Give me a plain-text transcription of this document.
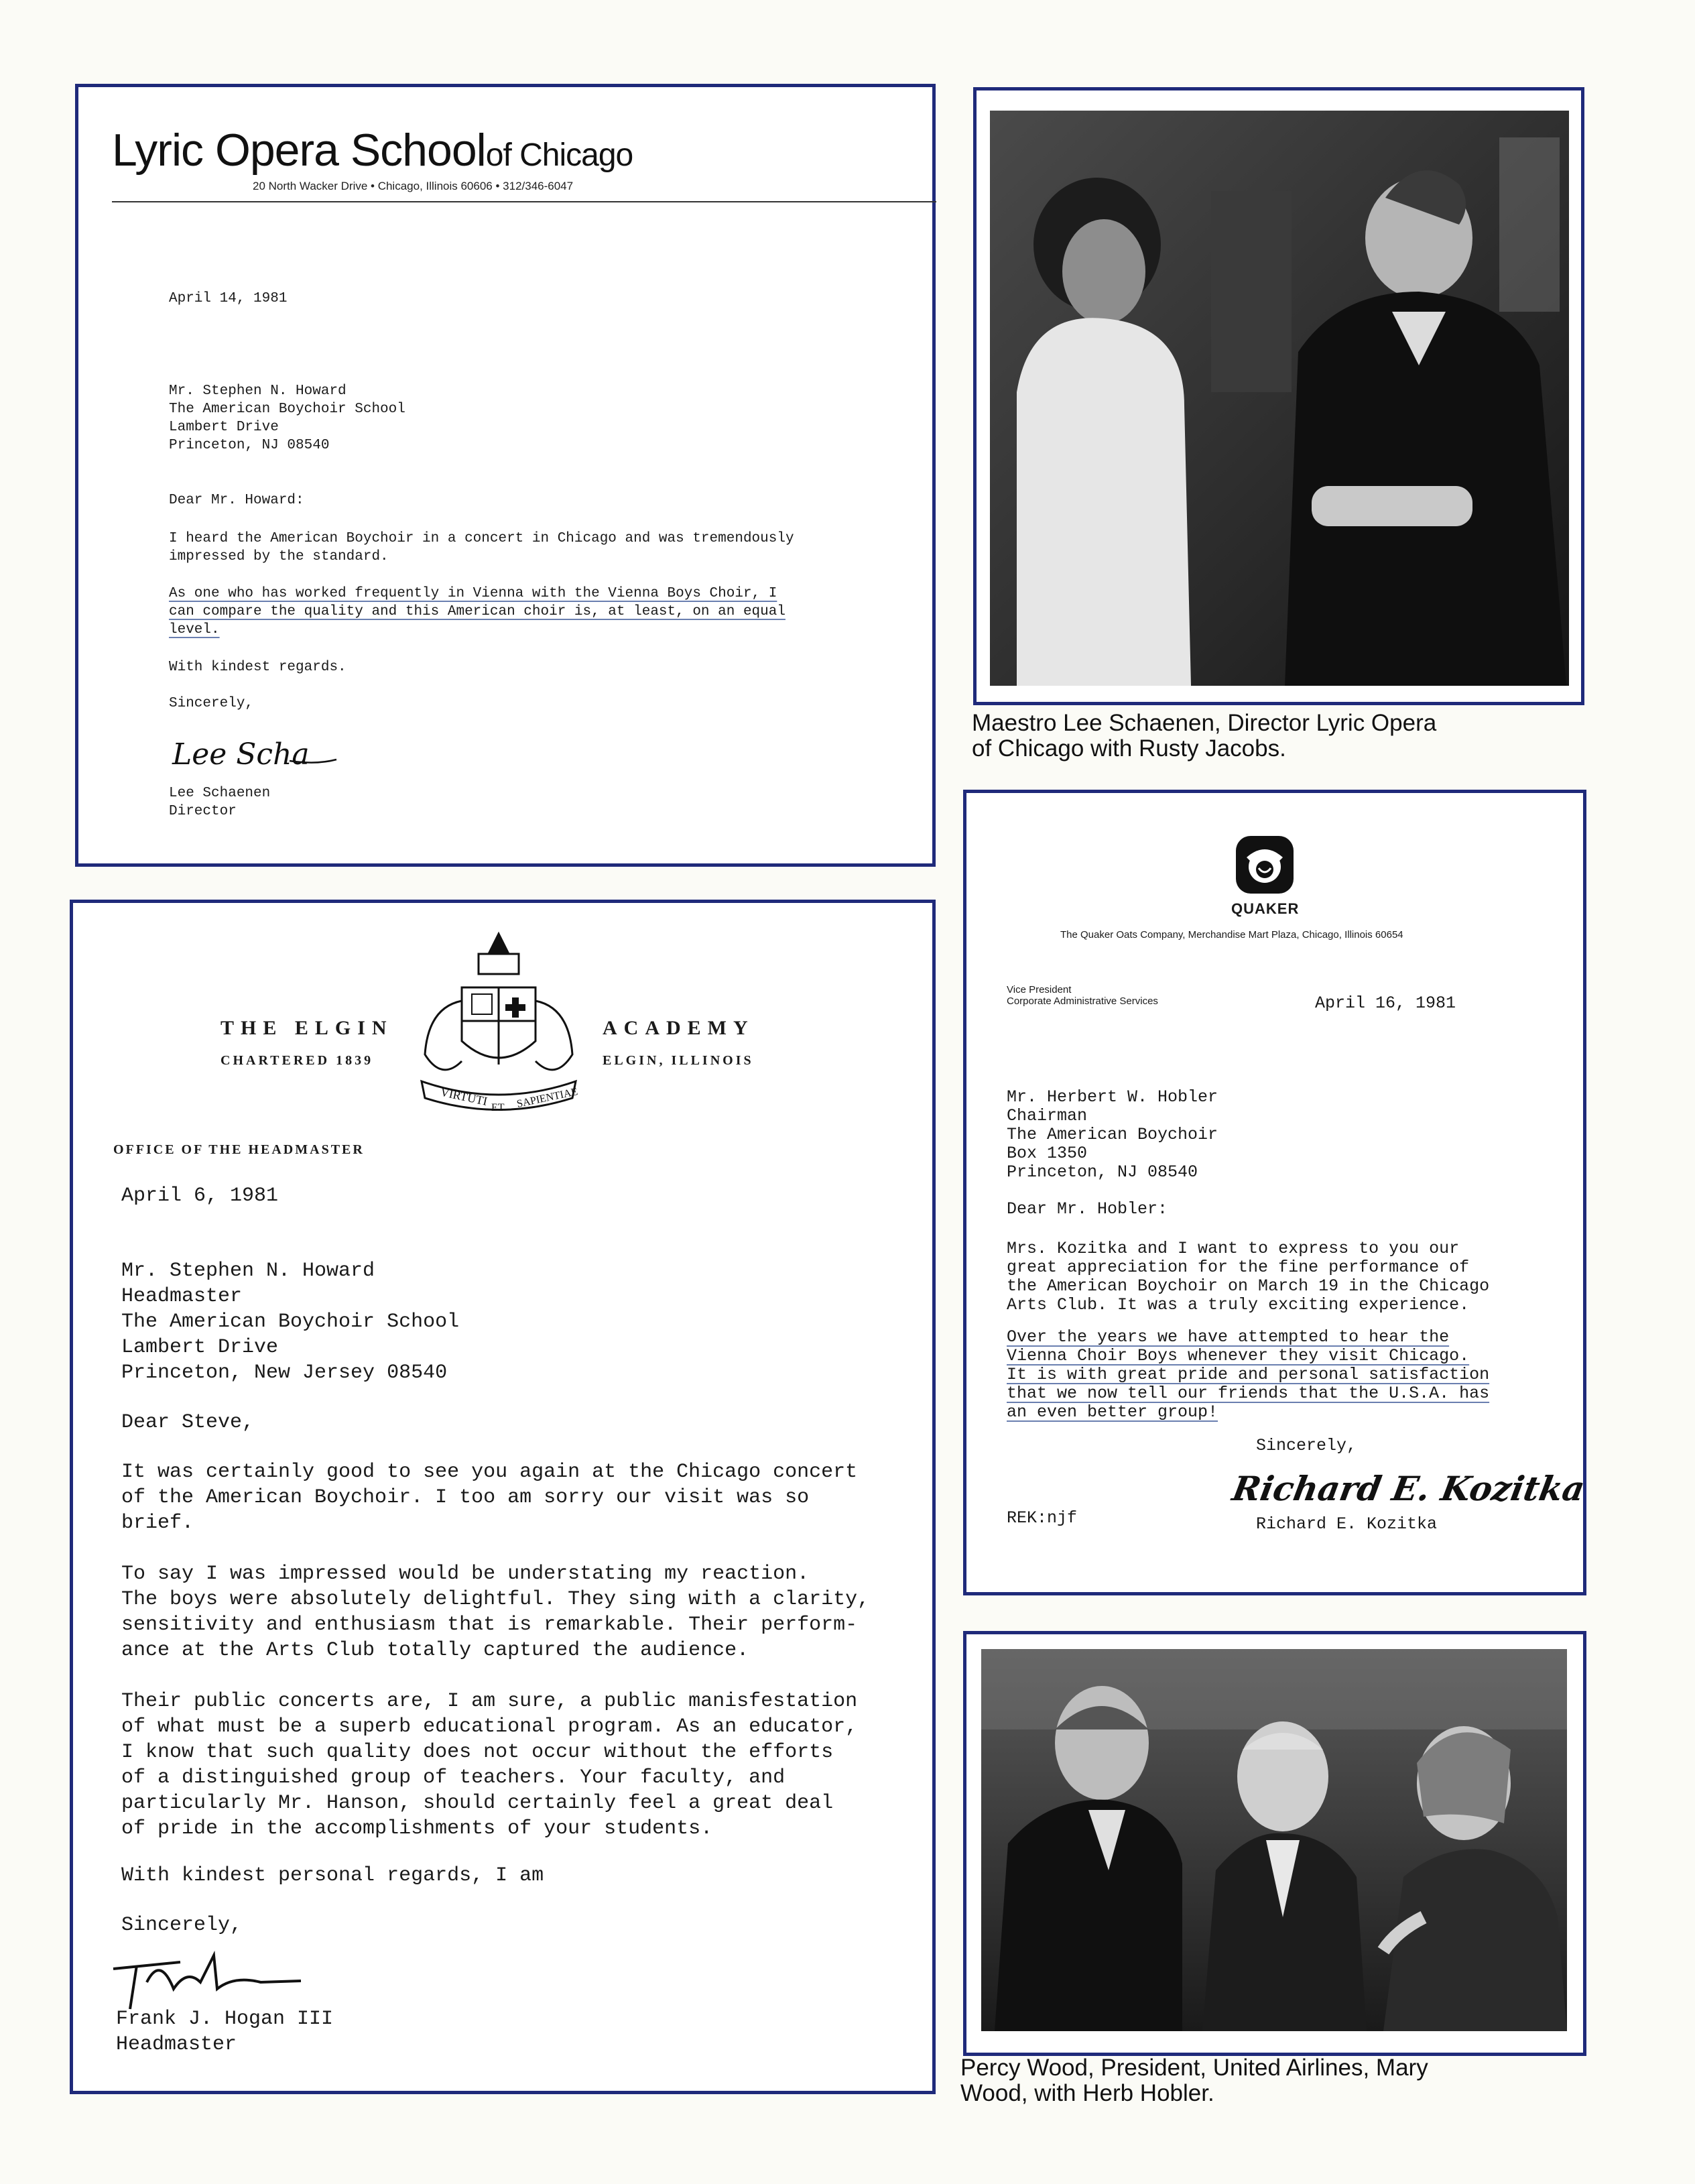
Lyric Opera Schoolof Chicago
20 North Wacker Drive • Chicago, Illinois 60606 • 312/346-6047
April 14, 1981
Mr. Stephen N. Howard
The American Boychoir School
Lambert Drive
Princeton, NJ 08540
Dear Mr. Howard:
I heard the American Boychoir in a concert in Chicago and was tremendously
impressed by the standard.
As one who has worked frequently in Vienna with the Vienna Boys Choir, I
can compare the quality and this American choir is, at least, on an equal
level.
With kindest regards.
Sincerely,
Lee Scha
Lee Schaenen
Director
Maestro Lee Schaenen, Director Lyric Opera
of Chicago with Rusty Jacobs.
QUAKER
The Quaker Oats Company, Merchandise Mart Plaza, Chicago, Illinois 60654
Vice President
Corporate Administrative Services	April 16, 1981
Mr. Herbert W. Hobler
Chairman
The American Boychoir
Box 1350
Princeton, NJ 08540
Dear Mr. Hobler:
Mrs. Kozitka and I want to express to you our
great appreciation for the fine performance of
the American Boychoir on March 19 in the Chicago
Arts Club. It was a truly exciting experience.
Over the years we have attempted to hear the
Vienna Choir Boys whenever they visit Chicago.
It is with great pride and personal satisfaction
that we now tell our friends that the U.S.A. has
an even better group!
Sincerely,
Richard E. Kozitka
REK:njf	Richard E. Kozitka
VIRTUTI ET SAPIENTIAE
THE ELGIN	ACADEMY
CHARTERED 1839	ELGIN, ILLINOIS
OFFICE OF THE HEADMASTER
April 6, 1981
Mr. Stephen N. Howard
Headmaster
The American Boychoir School
Lambert Drive
Princeton, New Jersey 08540
Dear Steve,
It was certainly good to see you again at the Chicago concert
of the American Boychoir. I too am sorry our visit was so
brief.
To say I was impressed would be understating my reaction.
The boys were absolutely delightful. They sing with a clarity,
sensitivity and enthusiasm that is remarkable. Their perform-
ance at the Arts Club totally captured the audience.
Their public concerts are, I am sure, a public manisfestation
of what must be a superb educational program. As an educator,
I know that such quality does not occur without the efforts
of a distinguished group of teachers. Your faculty, and
particularly Mr. Hanson, should certainly feel a great deal
of pride in the accomplishments of your students.
With kindest personal regards, I am
Sincerely,
Frank J. Hogan III
Headmaster
Percy Wood, President, United Airlines, Mary
Wood, with Herb Hobler.
